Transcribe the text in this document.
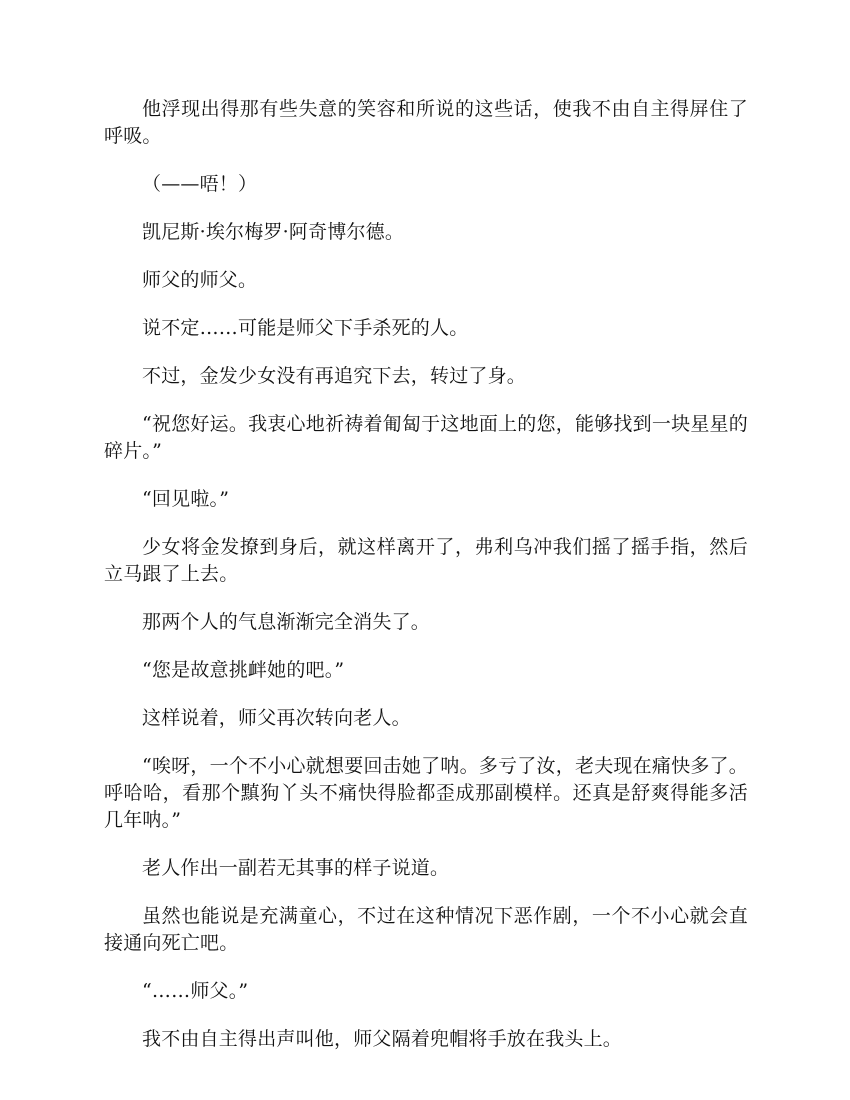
他浮现出得那有些失意的笑容和所说的这些话，使我不由自主得屏住了呼吸。

（——唔！）

凯尼斯·埃尔梅罗·阿奇博尔德。

师父的师父。

说不定……可能是师父下手杀死的人。

不过，金发少女没有再追究下去，转过了身。

“祝您好运。我衷心地祈祷着匍匐于这地面上的您，能够找到一块星星的碎片。”

“回见啦。”

少女将金发撩到身后，就这样离开了，弗利乌冲我们摇了摇手指，然后立马跟了上去。

那两个人的气息渐渐完全消失了。

“您是故意挑衅她的吧。”

这样说着，师父再次转向老人。

“唉呀，一个不小心就想要回击她了呐。多亏了汝，老夫现在痛快多了。呼哈哈，看那个黰狗丫头不痛快得脸都歪成那副模样。还真是舒爽得能多活几年呐。”

老人作出一副若无其事的样子说道。

虽然也能说是充满童心，不过在这种情况下恶作剧，一个不小心就会直接通向死亡吧。

“……师父。”

我不由自主得出声叫他，师父隔着兜帽将手放在我头上。
